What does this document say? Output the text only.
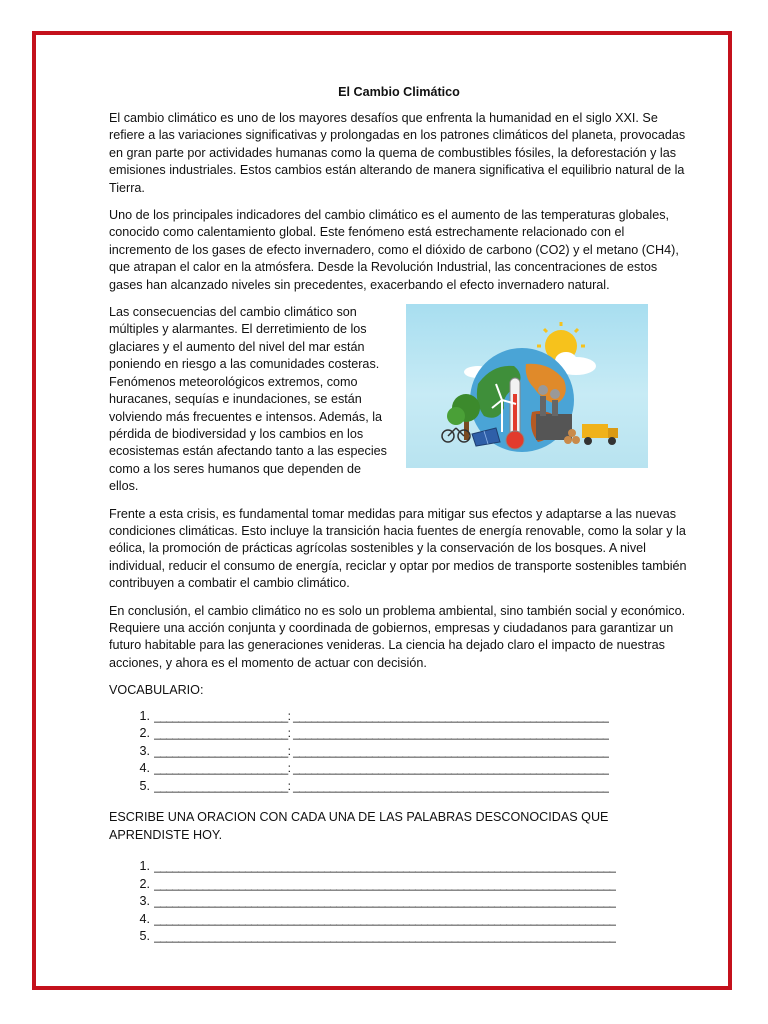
El Cambio Climático

El cambio climático es uno de los mayores desafíos que enfrenta la humanidad en el siglo XXI. Se refiere a las variaciones significativas y prolongadas en los patrones climáticos del planeta, provocadas en gran parte por actividades humanas como la quema de combustibles fósiles, la deforestación y las emisiones industriales. Estos cambios están alterando de manera significativa el equilibrio natural de la Tierra.

Uno de los principales indicadores del cambio climático es el aumento de las temperaturas globales, conocido como calentamiento global. Este fenómeno está estrechamente relacionado con el incremento de los gases de efecto invernadero, como el dióxido de carbono (CO2) y el metano (CH4), que atrapan el calor en la atmósfera. Desde la Revolución Industrial, las concentraciones de estos gases han alcanzado niveles sin precedentes, exacerbando el efecto invernadero natural.

Las consecuencias del cambio climático son múltiples y alarmantes. El derretimiento de los glaciares y el aumento del nivel del mar están poniendo en riesgo a las comunidades costeras. Fenómenos meteorológicos extremos, como huracanes, sequías e inundaciones, se están volviendo más frecuentes e intensos. Además, la pérdida de biodiversidad y los cambios en los ecosistemas están afectando tanto a las especies como a los seres humanos que dependen de ellos.

Frente a esta crisis, es fundamental tomar medidas para mitigar sus efectos y adaptarse a las nuevas condiciones climáticas. Esto incluye la transición hacia fuentes de energía renovable, como la solar y la eólica, la promoción de prácticas agrícolas sostenibles y la conservación de los bosques. A nivel individual, reducir el consumo de energía, reciclar y optar por medios de transporte sostenibles también contribuyen a combatir el cambio climático.

En conclusión, el cambio climático no es solo un problema ambiental, sino también social y económico. Requiere una acción conjunta y coordinada de gobiernos, empresas y ciudadanos para garantizar un futuro habitable para las generaciones venideras. La ciencia ha dejado claro el impacto de nuestras acciones, y ahora es el momento de actuar con decisión.

VOCABULARIO:

1. ______________________: ____________________________________________________
2. ______________________: ____________________________________________________
3. ______________________: ____________________________________________________
4. ______________________: ____________________________________________________
5. ______________________: ____________________________________________________

ESCRIBE UNA ORACION CON CADA UNA DE LAS PALABRAS DESCONOCIDAS QUE APRENDISTE HOY.

1. ____________________________________________________________________________
2. ____________________________________________________________________________
3. ____________________________________________________________________________
4. ____________________________________________________________________________
5. ____________________________________________________________________________
